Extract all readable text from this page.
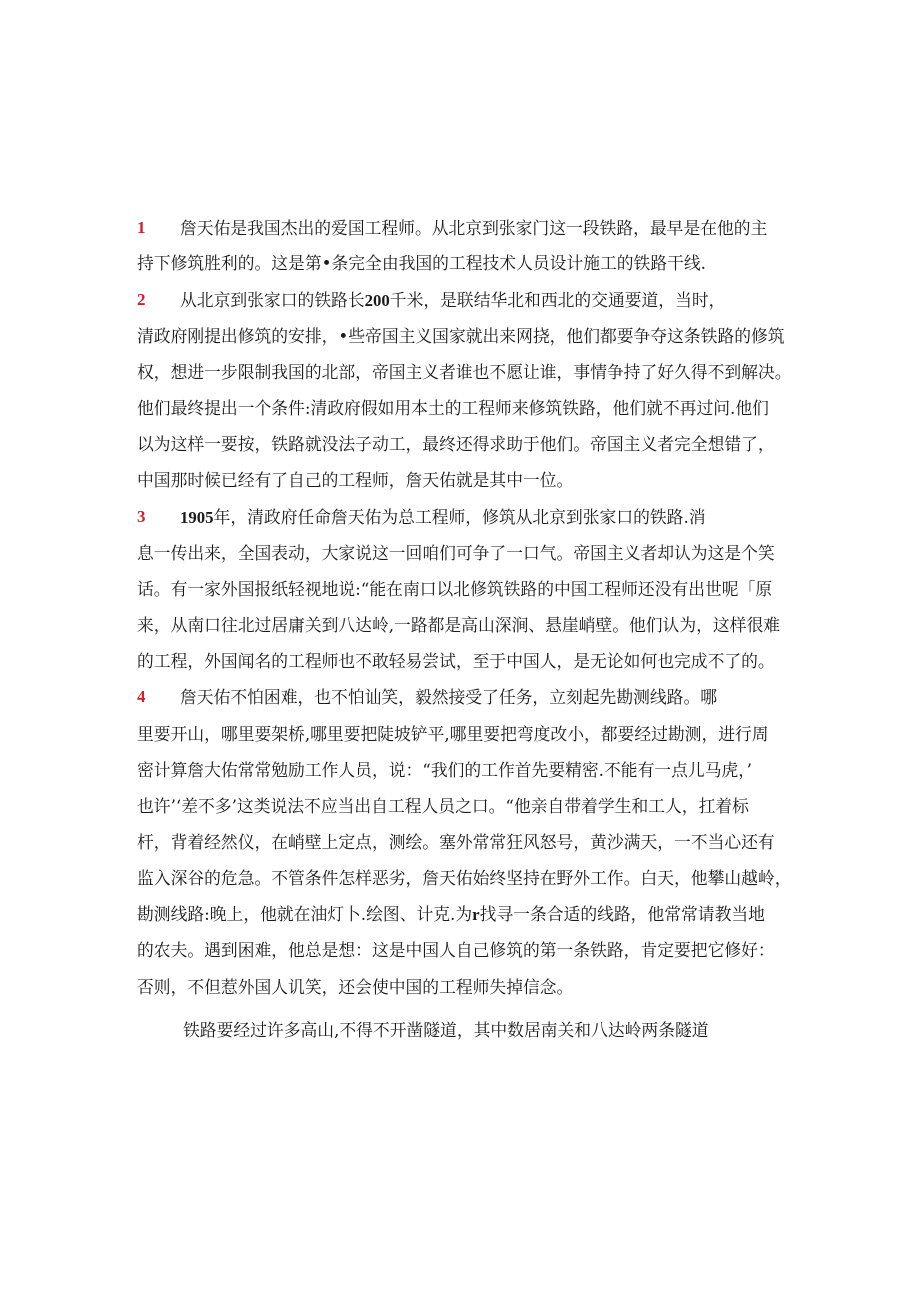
1 詹天佑是我国杰出的爱国工程师。从北京到张家门这一段铁路，最早是在他的主
持下修筑胜利的。这是第•条完全由我国的工程技术人员设计施工的铁路干线.
2 从北京到张家口的铁路长200千米，是联结华北和西北的交通要道，当时，
清政府刚提出修筑的安排，•些帝国主义国家就出来网挠，他们都要争夺这条铁路的修筑
权，想进一步限制我国的北部，帝国主义者谁也不愿让谁，事情争持了好久得不到解决。
他们最终提出一个条件:清政府假如用本土的工程师来修筑铁路，他们就不再过问.他们
以为这样一要按，铁路就没法子动工，最终还得求助于他们。帝国主义者完全想错了，
中国那时候已经有了自己的工程师，詹天佑就是其中一位。
3 1905年，清政府任命詹天佑为总工程师，修筑从北京到张家口的铁路.消
息一传出来，全国表动，大家说这一回咱们可争了一口气。帝国主义者却认为这是个笑
话。有一家外国报纸轻视地说:“能在南口以北修筑铁路的中国工程师还没有出世呢「原
来，从南口往北过居庸关到八达岭,一路都是高山深涧、悬崖峭壁。他们认为，这样很难
的工程，外国闻名的工程师也不敢轻易尝试，至于中国人，是无论如何也完成不了的。
4 詹天佑不怕困难，也不怕讪笑，毅然接受了任务，立刻起先勘测线路。哪
里要开山，哪里要架桥,哪里要把陡坡铲平,哪里要把弯度改小，都要经过勘测，进行周
密计算詹大佑常常勉励工作人员，说：“我们的工作首先要精密.不能有一点儿马虎，’
也许’‘差不多’这类说法不应当出自工程人员之口。“他亲自带着学生和工人，扛着标
杆，背着经然仪，在峭壁上定点，测绘。塞外常常狂风怒号，黄沙满天，一不当心还有
监入深谷的危急。不管条件怎样恶劣，詹天佑始终坚持在野外工作。白天，他攀山越岭，
勘测线路:晚上，他就在油灯卜.绘图、计克.为r找寻一条合适的线路，他常常请教当地
的农夫。遇到困难，他总是想：这是中国人自己修筑的第一条铁路，肯定要把它修好：
否则，不但惹外国人讥笑，还会使中国的工程师失掉信念。
铁路要经过许多高山,不得不开凿隧道，其中数居南关和八达岭两条隧道
